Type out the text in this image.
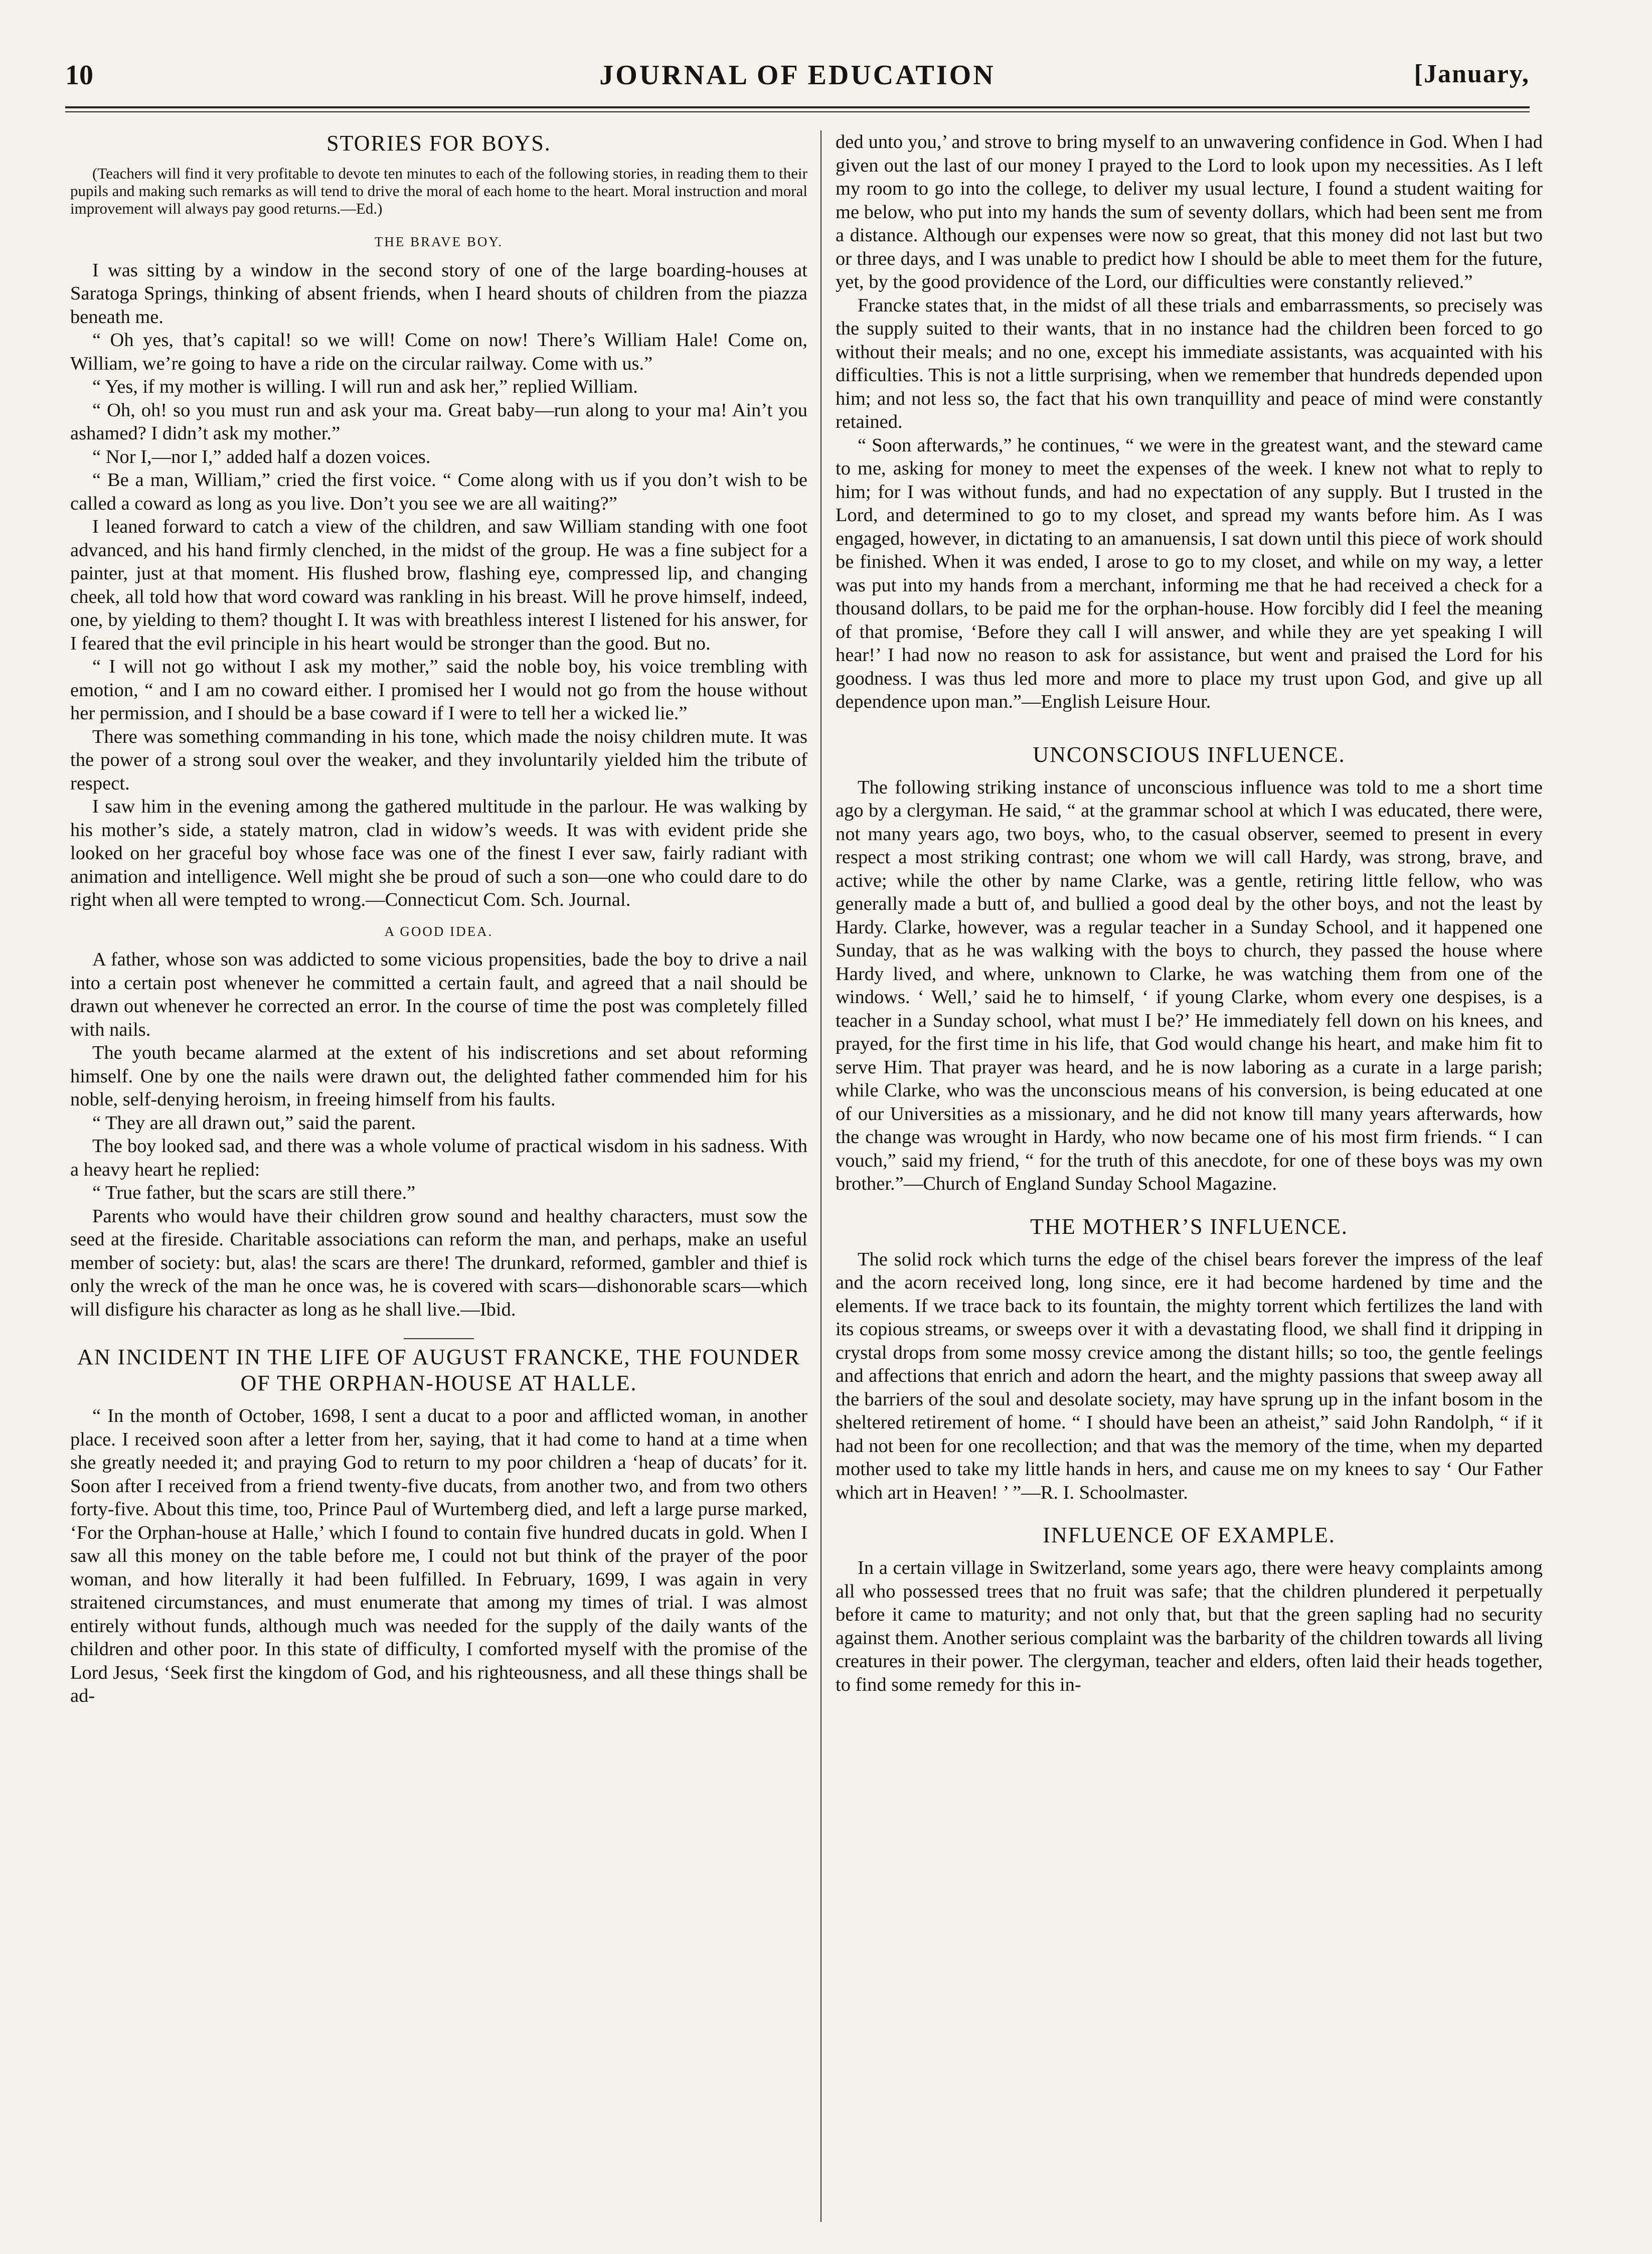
10	JOURNAL OF EDUCATION	[January,
STORIES FOR BOYS.

(Teachers will find it very profitable to devote ten minutes to each of the following stories, in reading them to their pupils and making such remarks as will tend to drive the moral of each home to the heart. Moral instruction and moral improvement will always pay good returns.—Ed.)

THE BRAVE BOY.

I was sitting by a window in the second story of one of the large boarding-houses at Saratoga Springs, thinking of absent friends, when I heard shouts of children from the piazza beneath me.

“ Oh yes, that’s capital! so we will! Come on now! There’s William Hale! Come on, William, we’re going to have a ride on the circular railway. Come with us.”

“ Yes, if my mother is willing. I will run and ask her,” replied William.

“ Oh, oh! so you must run and ask your ma. Great baby—run along to your ma! Ain’t you ashamed? I didn’t ask my mother.”

“ Nor I,—nor I,” added half a dozen voices.

“ Be a man, William,” cried the first voice. “ Come along with us if you don’t wish to be called a coward as long as you live. Don’t you see we are all waiting?”

I leaned forward to catch a view of the children, and saw William standing with one foot advanced, and his hand firmly clenched, in the midst of the group. He was a fine subject for a painter, just at that moment. His flushed brow, flashing eye, compressed lip, and changing cheek, all told how that word coward was rankling in his breast. Will he prove himself, indeed, one, by yielding to them? thought I. It was with breathless interest I listened for his answer, for I feared that the evil principle in his heart would be stronger than the good. But no.

“ I will not go without I ask my mother,” said the noble boy, his voice trembling with emotion, “ and I am no coward either. I promised her I would not go from the house without her permission, and I should be a base coward if I were to tell her a wicked lie.”

There was something commanding in his tone, which made the noisy children mute. It was the power of a strong soul over the weaker, and they involuntarily yielded him the tribute of respect.

I saw him in the evening among the gathered multitude in the parlour. He was walking by his mother’s side, a stately matron, clad in widow’s weeds. It was with evident pride she looked on her graceful boy whose face was one of the finest I ever saw, fairly radiant with animation and intelligence. Well might she be proud of such a son—one who could dare to do right when all were tempted to wrong.—Connecticut Com. Sch. Journal.

A GOOD IDEA.

A father, whose son was addicted to some vicious propensities, bade the boy to drive a nail into a certain post whenever he committed a certain fault, and agreed that a nail should be drawn out whenever he corrected an error. In the course of time the post was completely filled with nails.

The youth became alarmed at the extent of his indiscretions and set about reforming himself. One by one the nails were drawn out, the delighted father commended him for his noble, self-denying heroism, in freeing himself from his faults.

“ They are all drawn out,” said the parent.

The boy looked sad, and there was a whole volume of practical wisdom in his sadness. With a heavy heart he replied:

“ True father, but the scars are still there.”

Parents who would have their children grow sound and healthy characters, must sow the seed at the fireside. Charitable associations can reform the man, and perhaps, make an useful member of society: but, alas! the scars are there! The drunkard, reformed, gambler and thief is only the wreck of the man he once was, he is covered with scars—dishonorable scars—which will disfigure his character as long as he shall live.—Ibid.

AN INCIDENT IN THE LIFE OF AUGUST FRANCKE, THE FOUNDER OF THE ORPHAN-HOUSE AT HALLE.

“ In the month of October, 1698, I sent a ducat to a poor and afflicted woman, in another place. I received soon after a letter from her, saying, that it had come to hand at a time when she greatly needed it; and praying God to return to my poor children a ‘heap of ducats’ for it. Soon after I received from a friend twenty-five ducats, from another two, and from two others forty-five. About this time, too, Prince Paul of Wurtemberg died, and left a large purse marked, ‘For the Orphan-house at Halle,’ which I found to contain five hundred ducats in gold. When I saw all this money on the table before me, I could not but think of the prayer of the poor woman, and how literally it had been fulfilled. In February, 1699, I was again in very straitened circumstances, and must enumerate that among my times of trial. I was almost entirely without funds, although much was needed for the supply of the daily wants of the children and other poor. In this state of difficulty, I comforted myself with the promise of the Lord Jesus, ‘Seek first the kingdom of God, and his righteousness, and all these things shall be ad-

ded unto you,’ and strove to bring myself to an unwavering confidence in God. When I had given out the last of our money I prayed to the Lord to look upon my necessities. As I left my room to go into the college, to deliver my usual lecture, I found a student waiting for me below, who put into my hands the sum of seventy dollars, which had been sent me from a distance. Although our expenses were now so great, that this money did not last but two or three days, and I was unable to predict how I should be able to meet them for the future, yet, by the good providence of the Lord, our difficulties were constantly relieved.”

Francke states that, in the midst of all these trials and embarrassments, so precisely was the supply suited to their wants, that in no instance had the children been forced to go without their meals; and no one, except his immediate assistants, was acquainted with his difficulties. This is not a little surprising, when we remember that hundreds depended upon him; and not less so, the fact that his own tranquillity and peace of mind were constantly retained.

“ Soon afterwards,” he continues, “ we were in the greatest want, and the steward came to me, asking for money to meet the expenses of the week. I knew not what to reply to him; for I was without funds, and had no expectation of any supply. But I trusted in the Lord, and determined to go to my closet, and spread my wants before him. As I was engaged, however, in dictating to an amanuensis, I sat down until this piece of work should be finished. When it was ended, I arose to go to my closet, and while on my way, a letter was put into my hands from a merchant, informing me that he had received a check for a thousand dollars, to be paid me for the orphan-house. How forcibly did I feel the meaning of that promise, ‘Before they call I will answer, and while they are yet speaking I will hear!’ I had now no reason to ask for assistance, but went and praised the Lord for his goodness. I was thus led more and more to place my trust upon God, and give up all dependence upon man.”—English Leisure Hour.

UNCONSCIOUS INFLUENCE.

The following striking instance of unconscious influence was told to me a short time ago by a clergyman. He said, “ at the grammar school at which I was educated, there were, not many years ago, two boys, who, to the casual observer, seemed to present in every respect a most striking contrast; one whom we will call Hardy, was strong, brave, and active; while the other by name Clarke, was a gentle, retiring little fellow, who was generally made a butt of, and bullied a good deal by the other boys, and not the least by Hardy. Clarke, however, was a regular teacher in a Sunday School, and it happened one Sunday, that as he was walking with the boys to church, they passed the house where Hardy lived, and where, unknown to Clarke, he was watching them from one of the windows. ‘ Well,’ said he to himself, ‘ if young Clarke, whom every one despises, is a teacher in a Sunday school, what must I be?’ He immediately fell down on his knees, and prayed, for the first time in his life, that God would change his heart, and make him fit to serve Him. That prayer was heard, and he is now laboring as a curate in a large parish; while Clarke, who was the unconscious means of his conversion, is being educated at one of our Universities as a missionary, and he did not know till many years afterwards, how the change was wrought in Hardy, who now became one of his most firm friends. “ I can vouch,” said my friend, “ for the truth of this anecdote, for one of these boys was my own brother.”—Church of England Sunday School Magazine.

THE MOTHER’S INFLUENCE.

The solid rock which turns the edge of the chisel bears forever the impress of the leaf and the acorn received long, long since, ere it had become hardened by time and the elements. If we trace back to its fountain, the mighty torrent which fertilizes the land with its copious streams, or sweeps over it with a devastating flood, we shall find it dripping in crystal drops from some mossy crevice among the distant hills; so too, the gentle feelings and affections that enrich and adorn the heart, and the mighty passions that sweep away all the barriers of the soul and desolate society, may have sprung up in the infant bosom in the sheltered retirement of home. “ I should have been an atheist,” said John Randolph, “ if it had not been for one recollection; and that was the memory of the time, when my departed mother used to take my little hands in hers, and cause me on my knees to say ‘ Our Father which art in Heaven! ’ ”—R. I. Schoolmaster.

INFLUENCE OF EXAMPLE.

In a certain village in Switzerland, some years ago, there were heavy complaints among all who possessed trees that no fruit was safe; that the children plundered it perpetually before it came to maturity; and not only that, but that the green sapling had no security against them. Another serious complaint was the barbarity of the children towards all living creatures in their power. The clergyman, teacher and elders, often laid their heads together, to find some remedy for this in-
